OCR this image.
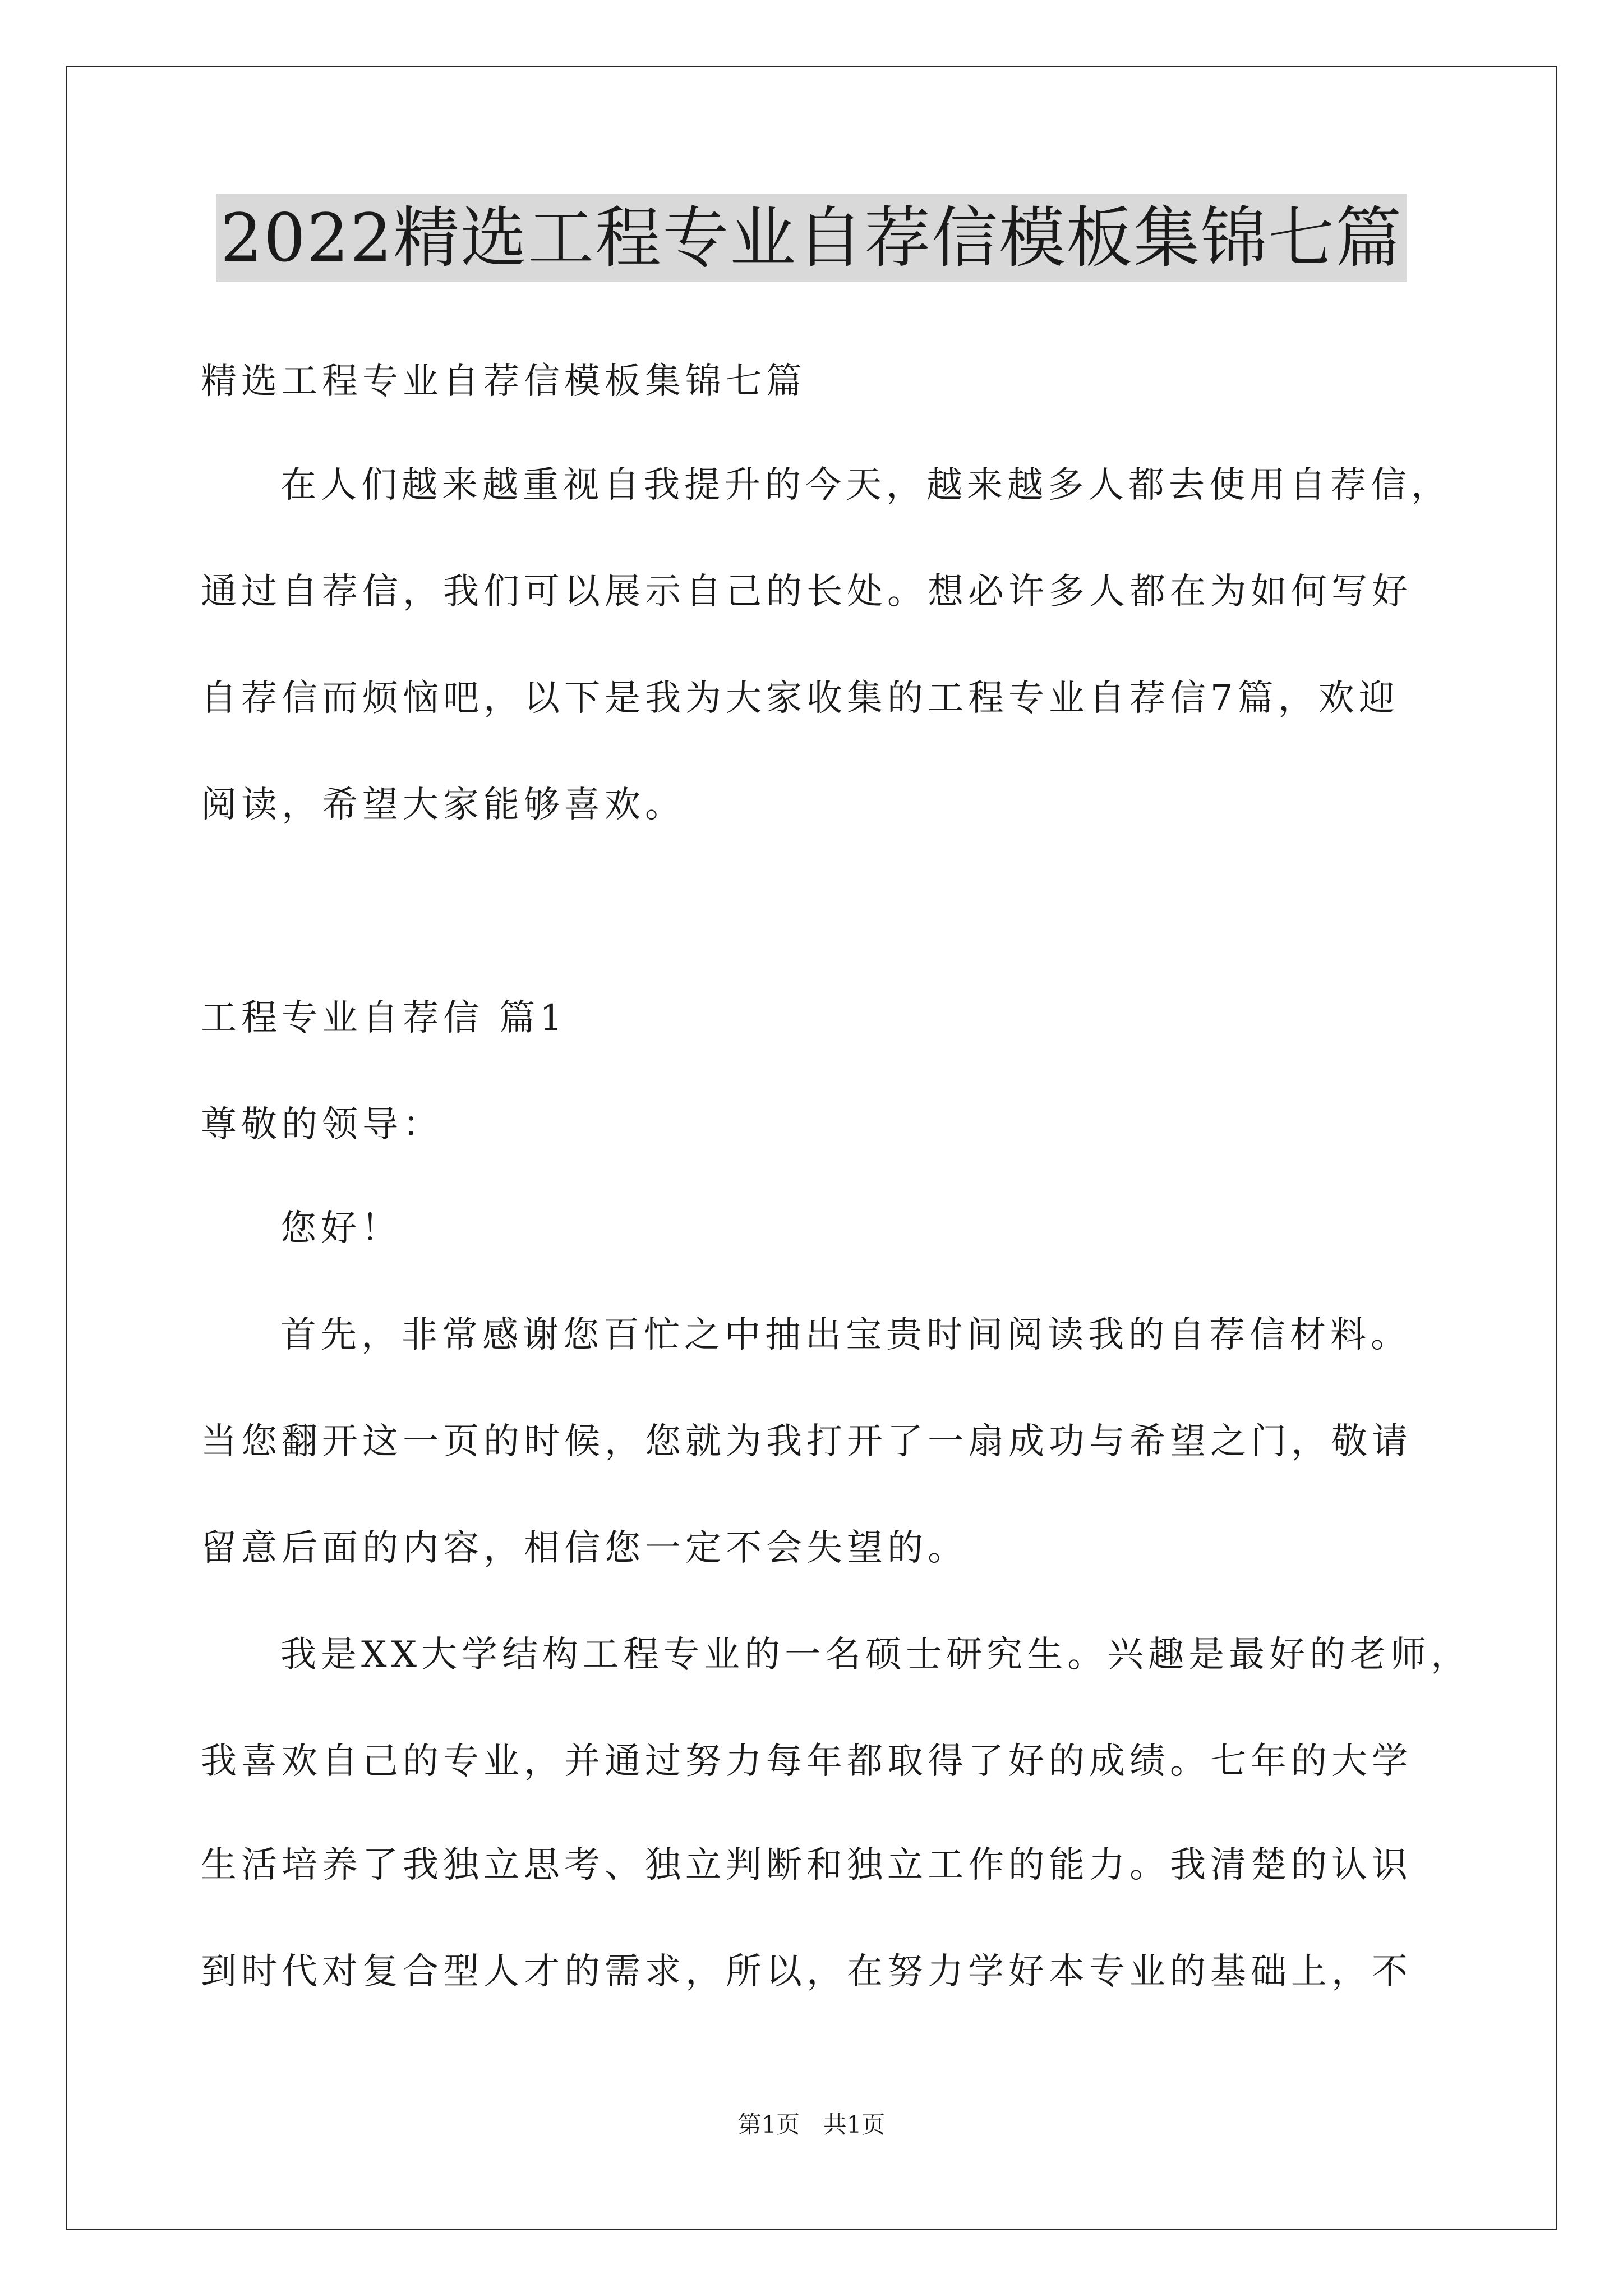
2022精选工程专业自荐信模板集锦七篇
精选工程专业自荐信模板集锦七篇
在人们越来越重视自我提升的今天，越来越多人都去使用自荐信，
通过自荐信，我们可以展示自己的长处。想必许多人都在为如何写好
自荐信而烦恼吧，以下是我为大家收集的工程专业自荐信7篇，欢迎
阅读，希望大家能够喜欢。
工程专业自荐信 篇1
尊敬的领导：
您好！
首先，非常感谢您百忙之中抽出宝贵时间阅读我的自荐信材料。
当您翻开这一页的时候，您就为我打开了一扇成功与希望之门，敬请
留意后面的内容，相信您一定不会失望的。
我是XX大学结构工程专业的一名硕士研究生。兴趣是最好的老师，
我喜欢自己的专业，并通过努力每年都取得了好的成绩。七年的大学
生活培养了我独立思考、独立判断和独立工作的能力。我清楚的认识
到时代对复合型人才的需求，所以，在努力学好本专业的基础上，不
第1页 共1页
